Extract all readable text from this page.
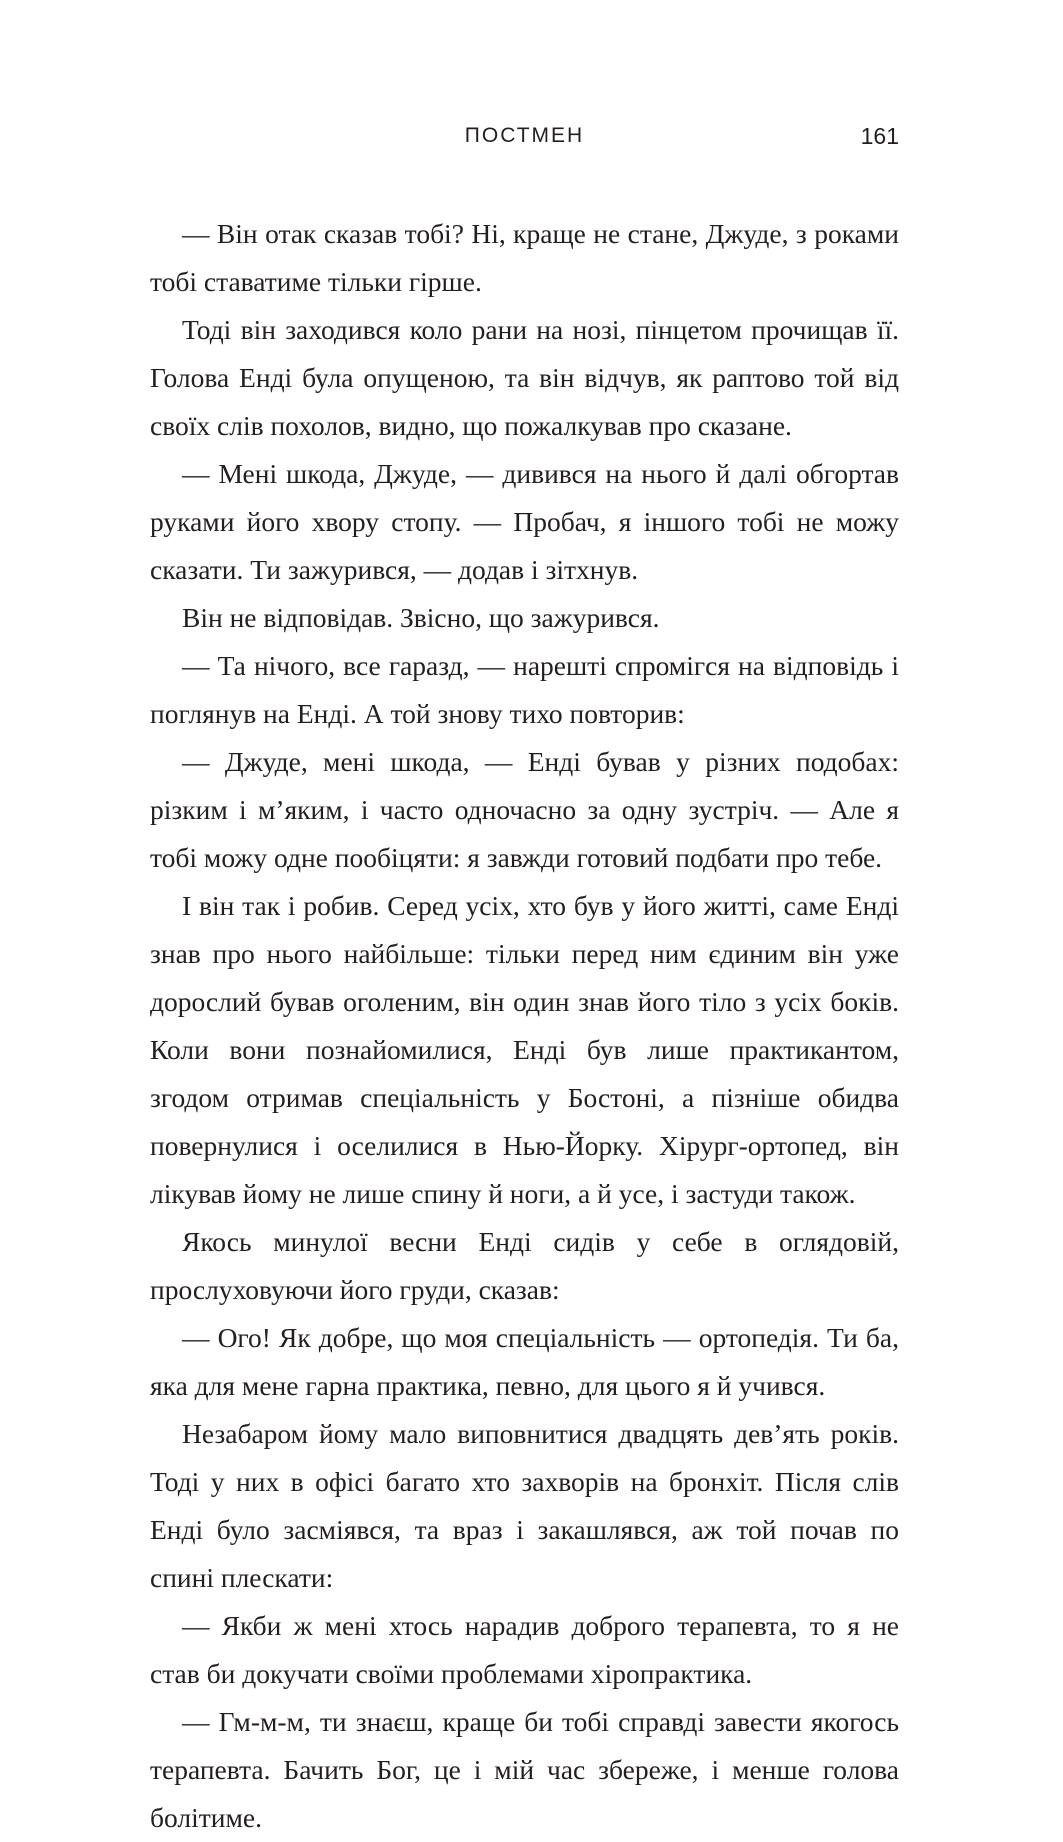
ПОСТМЕН	161

— Він отак сказав тобі? Ні, краще не стане, Джуде, з роками тобі ставатиме тільки гірше.

Тоді він заходився коло рани на нозі, пінцетом прочищав її. Голова Енді була опущеною, та він відчув, як раптово той від своїх слів похолов, видно, що пожалкував про сказане.

— Мені шкода, Джуде, — дивився на нього й далі обгортав руками його хвору стопу. — Пробач, я іншого тобі не можу сказати. Ти зажурився, — додав і зітхнув.

Він не відповідав. Звісно, що зажурився.

— Та нічого, все гаразд, — нарешті спромігся на відповідь і поглянув на Енді. А той знову тихо повторив:

— Джуде, мені шкода, — Енді бував у різних подобах: різким і м’яким, і часто одночасно за одну зустріч. — Але я тобі можу одне пообіцяти: я завжди готовий подбати про тебе.

І він так і робив. Серед усіх, хто був у його житті, саме Енді знав про нього найбільше: тільки перед ним єдиним він уже дорослий бував оголеним, він один знав його тіло з усіх боків. Коли вони познайомилися, Енді був лише практикантом, згодом отримав спеціальність у Бостоні, а пізніше обидва повернулися і оселилися в Нью-Йорку. Хірург-ортопед, він лікував йому не лише спину й ноги, а й усе, і застуди також.

Якось минулої весни Енді сидів у себе в оглядовій, прослуховуючи його груди, сказав:

— Ого! Як добре, що моя спеціальність — ортопедія. Ти ба, яка для мене гарна практика, певно, для цього я й учився.

Незабаром йому мало виповнитися двадцять дев’ять років. Тоді у них в офісі багато хто захворів на бронхіт. Після слів Енді було засміявся, та враз і закашлявся, аж той почав по спині плескати:

— Якби ж мені хтось нарадив доброго терапевта, то я не став би докучати своїми проблемами хіропрактика.

— Гм-м-м, ти знаєш, краще би тобі справді завести якогось терапевта. Бачить Бог, це і мій час збереже, і менше голова болітиме.
